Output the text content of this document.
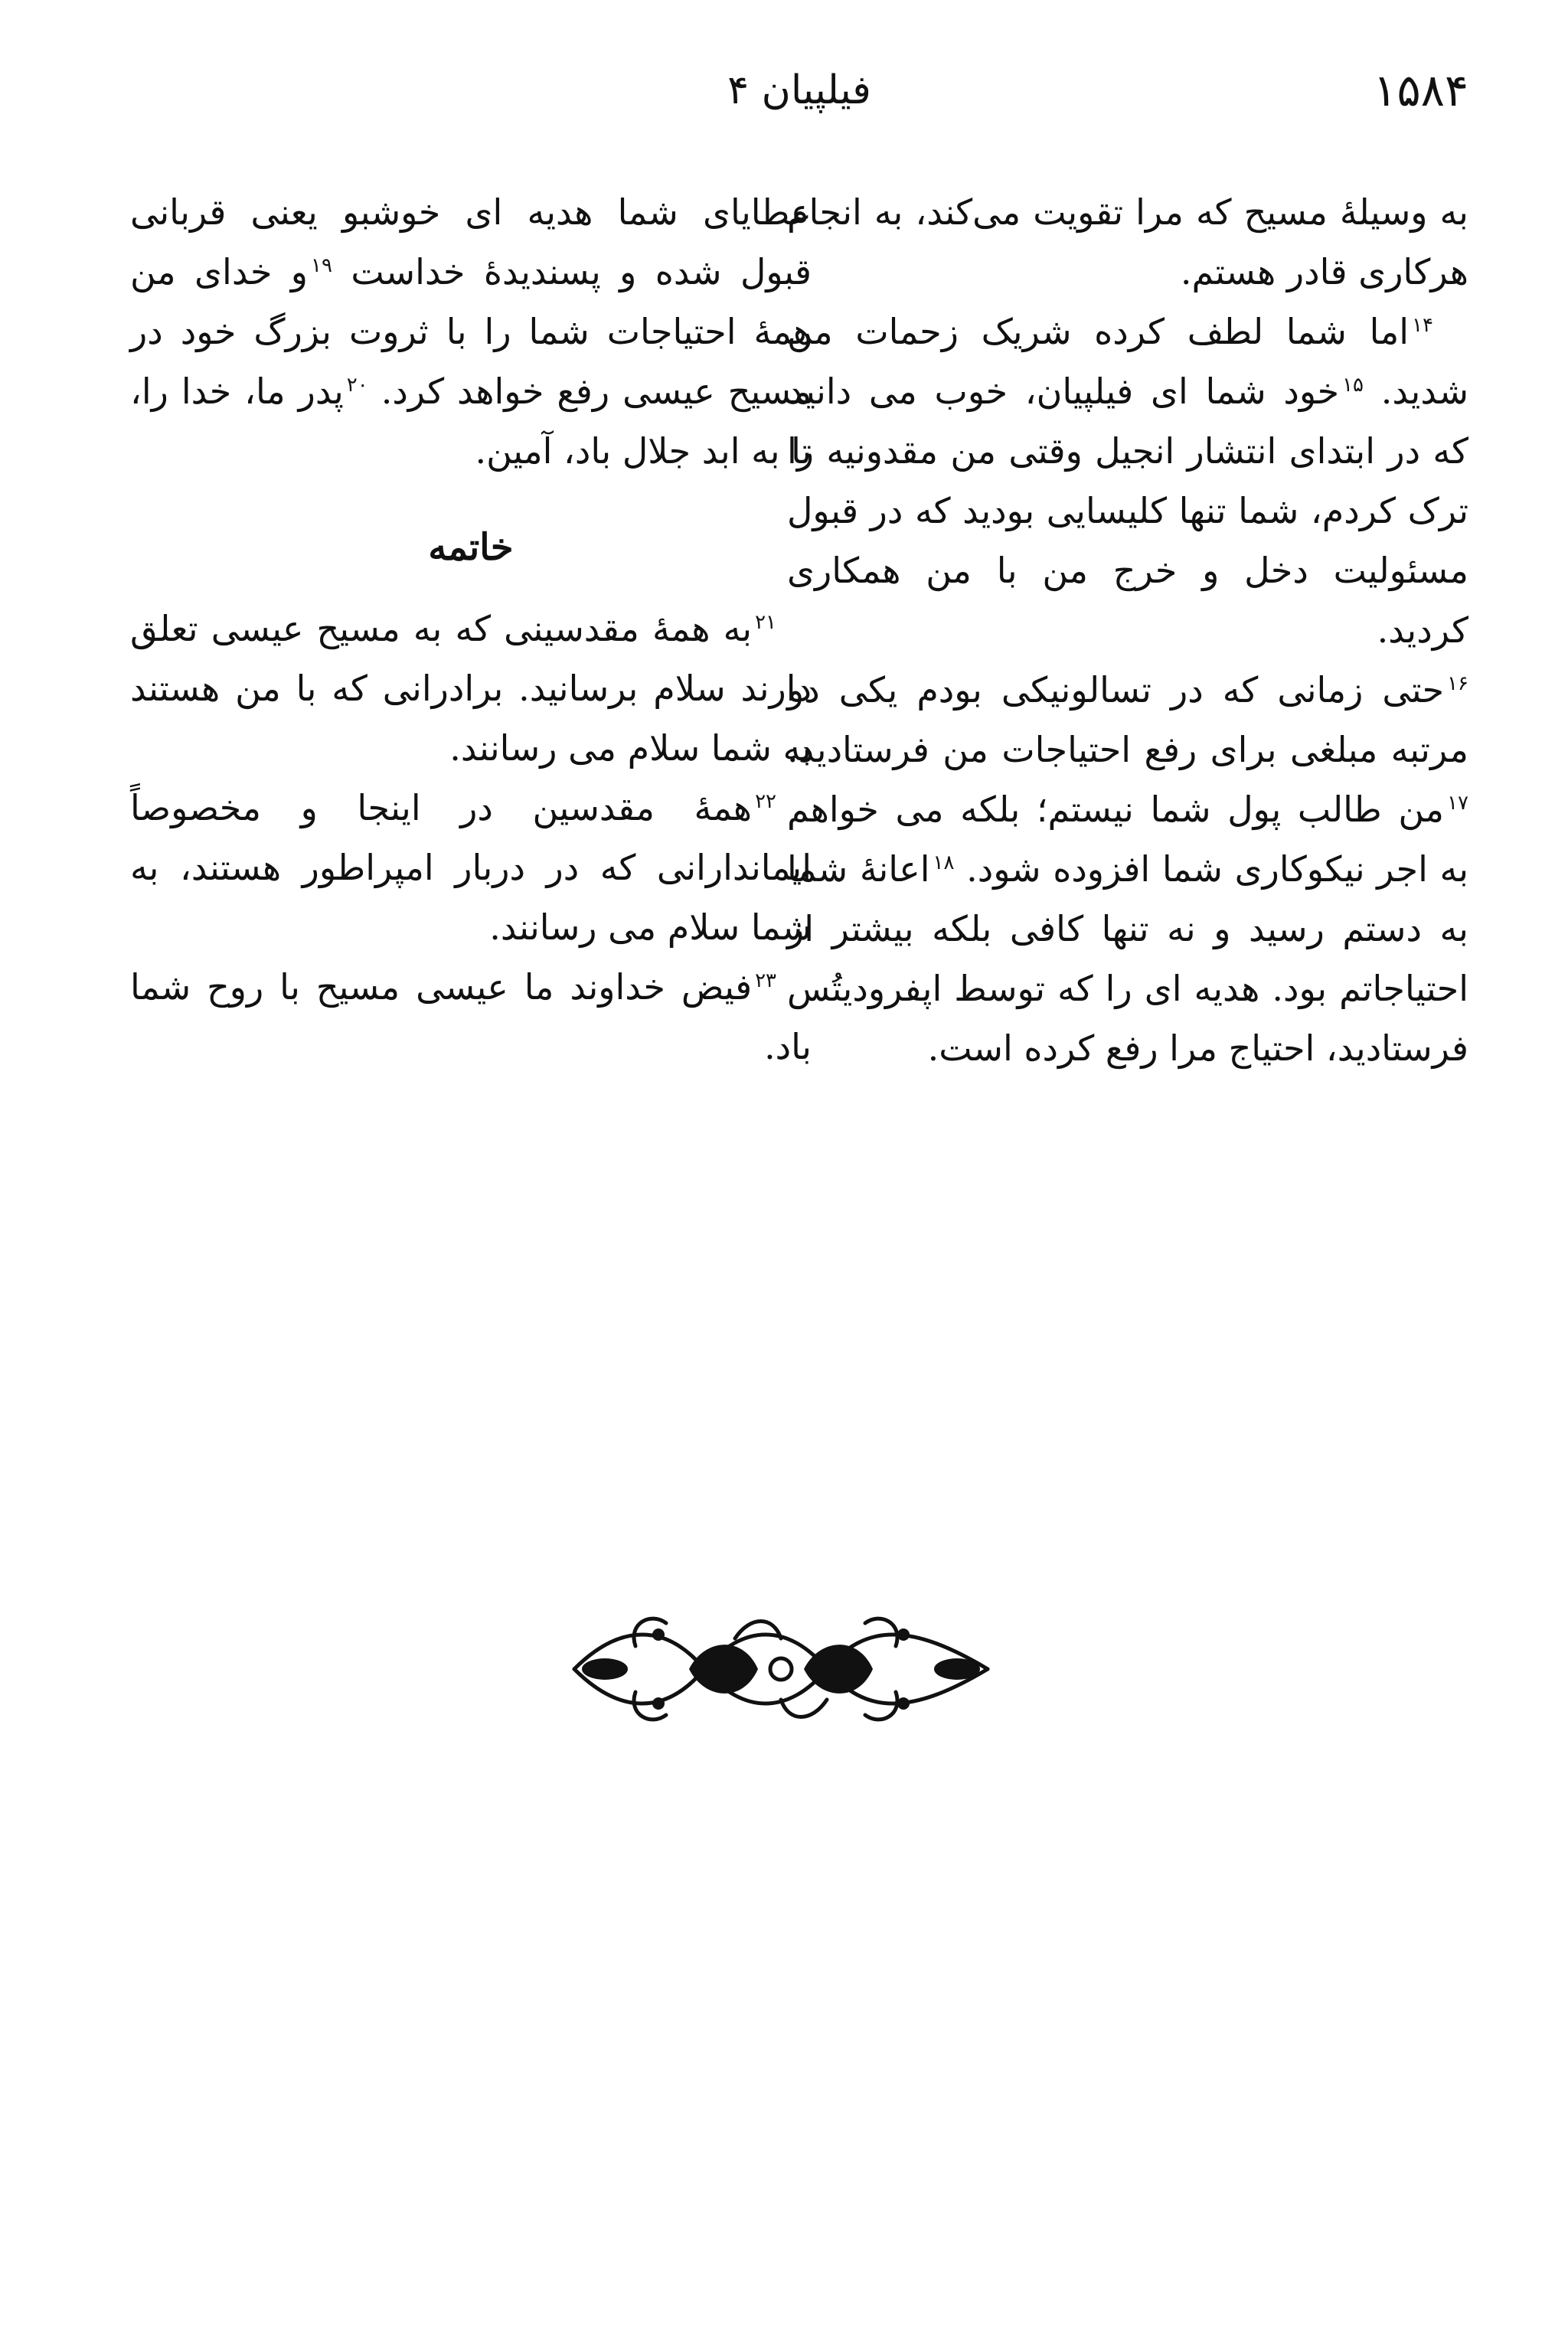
۱۵۸۴
فیلپیان ۴

به وسیلهٔ مسیح که مرا تقویت می‌کند، به انجام هرکاری قادر هستم.

$^{۱۴}$اما شما لطف کرده شریک زحمات من شدید. $^{۱۵}$خود شما ای فیلپیان، خوب می دانید که در ابتدای انتشار انجیل وقتی من مقدونیه را ترک کردم، شما تنها کلیسایی بودید که در قبول مسئولیت دخل و خرج من با من همکاری کردید.

$^{۱۶}$حتی زمانی که در تسالونیکی بودم یکی دو مرتبه مبلغی برای رفع احتیاجات من فرستادید. $^{۱۷}$من طالب پول شما نیستم؛ بلکه می خواهم به اجر نیکوکاری شما افزوده شود. $^{۱۸}$اعانهٔ شما به دستم رسید و نه تنها کافی بلکه بیشتر از احتیاجاتم بود. هدیه ای را که توسط اپفرودیتُس فرستادید، احتیاج مرا رفع کرده است.

عطایای شما هدیه ای خوشبو یعنی قربانی قبول شده و پسندیدهٔ خداست $^{۱۹}$و خدای من همهٔ احتیاجات شما را با ثروت بزرگ خود در مسیح عیسی رفع خواهد کرد. $^{۲۰}$پدر ما، خدا را، تا به ابد جلال باد، آمین.

خاتمه

$^{۲۱}$به همهٔ مقدسینی که به مسیح عیسی تعلق دارند سلام برسانید. برادرانی که با من هستند به شما سلام می رسانند.

$^{۲۲}$همهٔ مقدسین در اینجا و مخصوصاً ایماندارانی که در دربار امپراطور هستند، به شما سلام می رسانند.

$^{۲۳}$فیض خداوند ما عیسی مسیح با روح شما باد.
